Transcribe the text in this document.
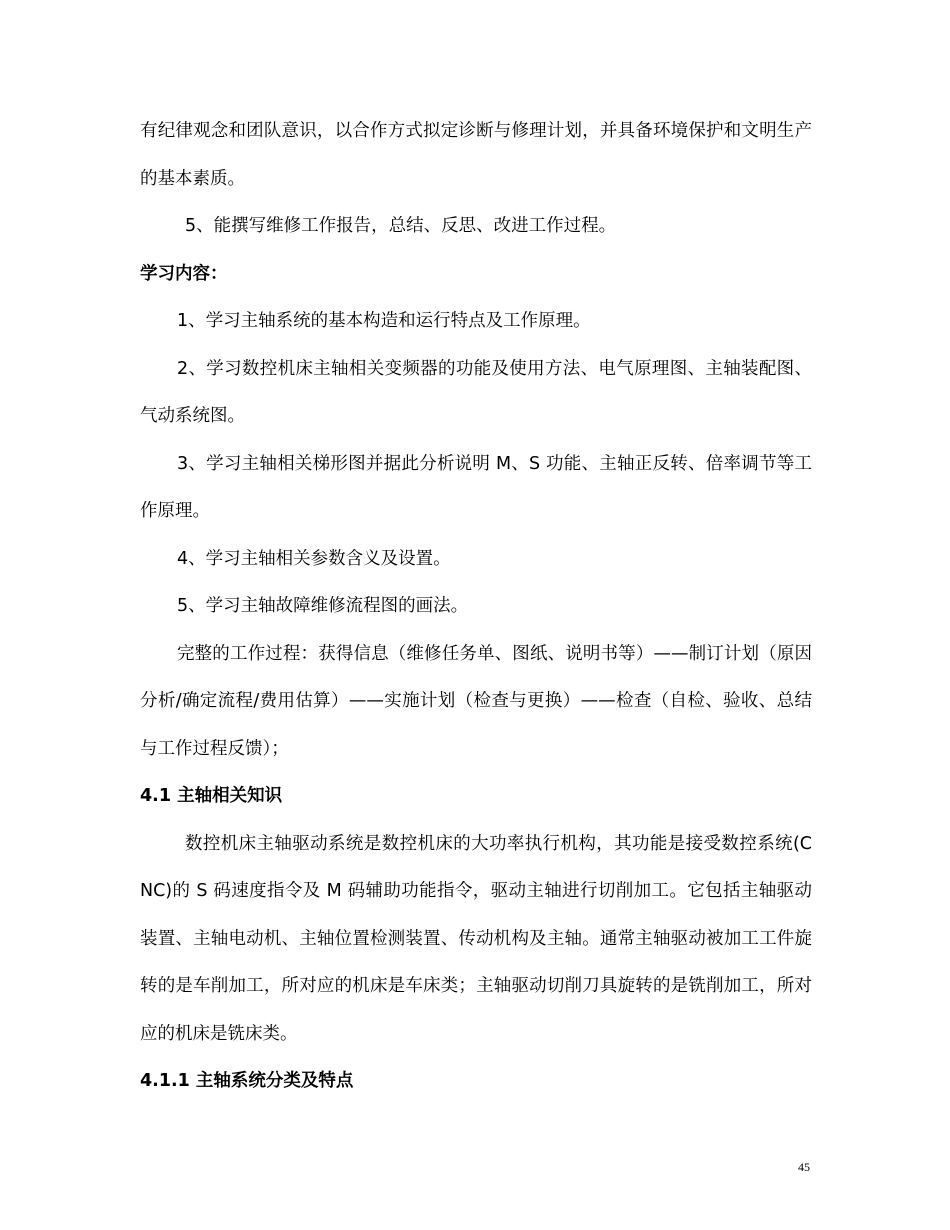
有纪律观念和团队意识，以合作方式拟定诊断与修理计划，并具备环境保护和文明生产的基本素质。

5、能撰写维修工作报告，总结、反思、改进工作过程。

学习内容：

1、学习主轴系统的基本构造和运行特点及工作原理。

2、学习数控机床主轴相关变频器的功能及使用方法、电气原理图、主轴装配图、气动系统图。

3、学习主轴相关梯形图并据此分析说明 M、S 功能、主轴正反转、倍率调节等工作原理。

4、学习主轴相关参数含义及设置。

5、学习主轴故障维修流程图的画法。

完整的工作过程：获得信息（维修任务单、图纸、说明书等）——制订计划（原因分析/确定流程/费用估算）——实施计划（检查与更换）——检查（自检、验收、总结与工作过程反馈）；

4.1 主轴相关知识

数控机床主轴驱动系统是数控机床的大功率执行机构，其功能是接受数控系统(CNC)的 S 码速度指令及 M 码辅助功能指令，驱动主轴进行切削加工。它包括主轴驱动装置、主轴电动机、主轴位置检测装置、传动机构及主轴。通常主轴驱动被加工工件旋转的是车削加工，所对应的机床是车床类；主轴驱动切削刀具旋转的是铣削加工，所对应的机床是铣床类。

4.1.1 主轴系统分类及特点

45
